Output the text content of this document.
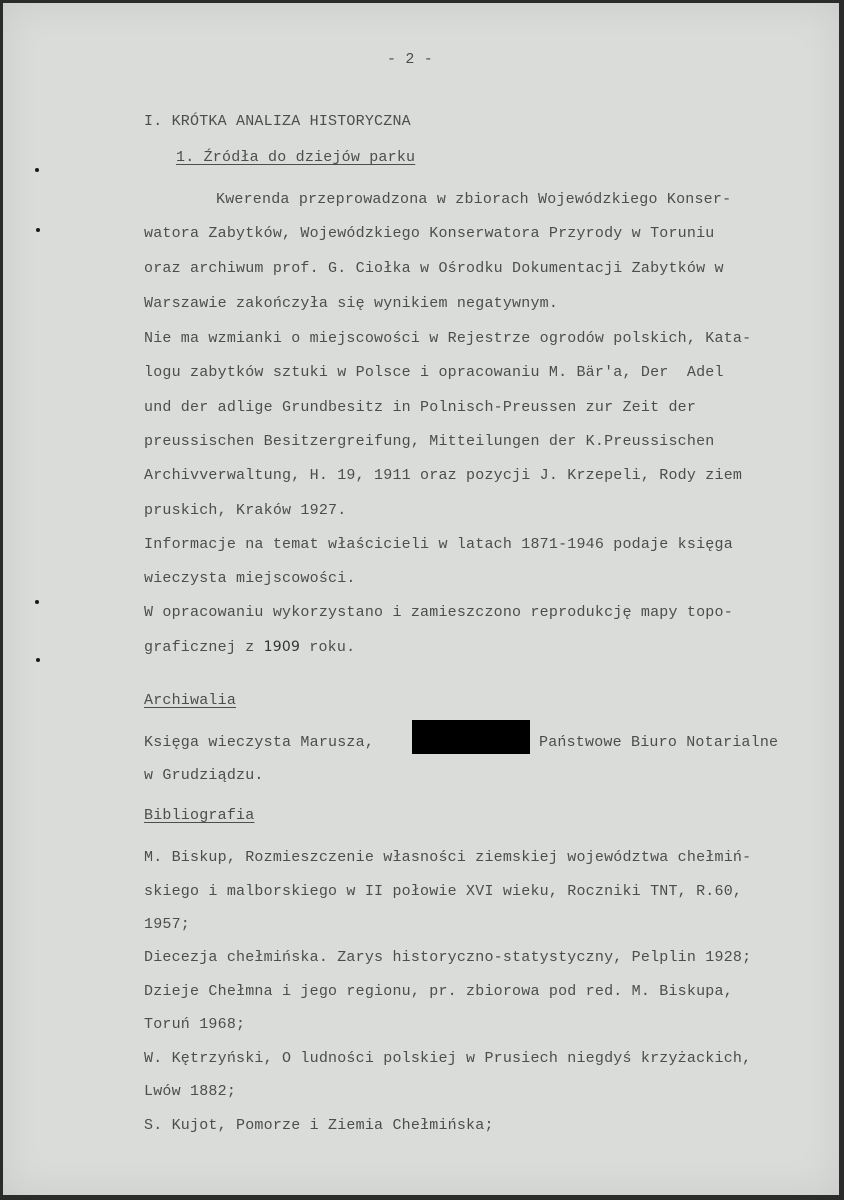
- 2 -
I. KRÓTKA ANALIZA HISTORYCZNA
1. Źródła do dziejów parku
Kwerenda przeprowadzona w zbiorach Wojewódzkiego Konser-
watora Zabytków, Wojewódzkiego Konserwatora Przyrody w Toruniu
oraz archiwum prof. G. Ciołka w Ośrodku Dokumentacji Zabytków w
Warszawie zakończyła się wynikiem negatywnym.
Nie ma wzmianki o miejscowości w Rejestrze ogrodów polskich, Kata-
logu zabytków sztuki w Polsce i opracowaniu M. Bär'a, Der  Adel
und der adlige Grundbesitz in Polnisch-Preussen zur Zeit der
preussischen Besitzergreifung, Mitteilungen der K.Preussischen
Archivverwaltung, H. 19, 1911 oraz pozycji J. Krzepeli, Rody ziem
pruskich, Kraków 1927.
Informacje na temat właścicieli w latach 1871-1946 podaje księga
wieczysta miejscowości.
W opracowaniu wykorzystano i zamieszczono reprodukcję mapy topo-
graficznej z 1909 roku.
Archiwalia
Księga wieczysta Marusza,	Państwowe Biuro Notarialne
w Grudziądzu.
Bibliografia
M. Biskup, Rozmieszczenie własności ziemskiej województwa chełmiń-
skiego i malborskiego w II połowie XVI wieku, Roczniki TNT, R.60,
1957;
Diecezja chełmińska. Zarys historyczno-statystyczny, Pelplin 1928;
Dzieje Chełmna i jego regionu, pr. zbiorowa pod red. M. Biskupa,
Toruń 1968;
W. Kętrzyński, O ludności polskiej w Prusiech niegdyś krzyżackich,
Lwów 1882;
S. Kujot, Pomorze i Ziemia Chełmińska;
